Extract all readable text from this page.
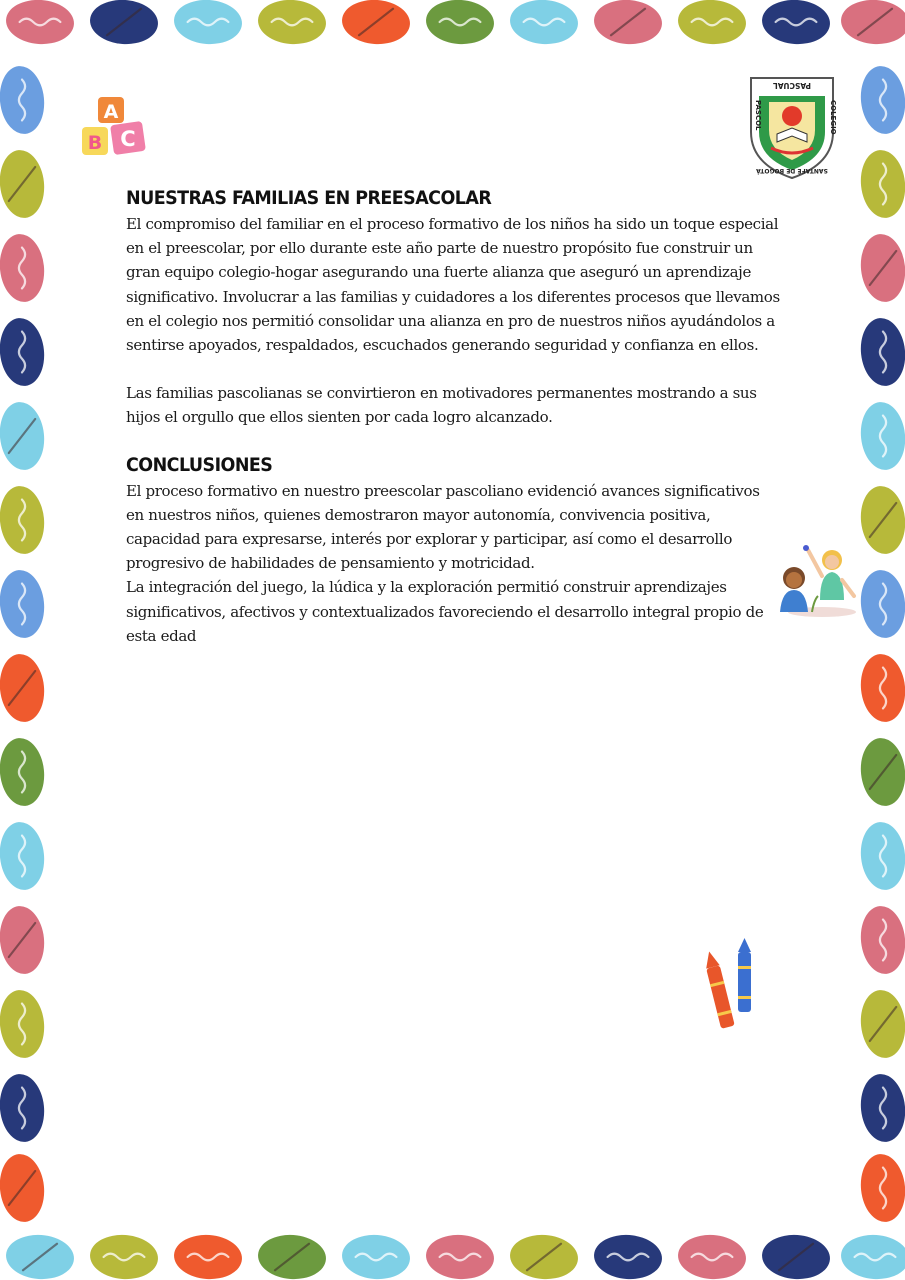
A
B C
PASCUAL
PASCOL	COLEGIO
SANTAFÉ DE BOGOTÁ
NUESTRAS FAMILIAS EN PREESACOLAR

El compromiso del familiar en el proceso formativo de los niños ha sido un toque especial en el preescolar, por ello durante este año parte de nuestro propósito fue construir un gran equipo colegio-hogar asegurando una fuerte alianza que aseguró un aprendizaje significativo. Involucrar a las familias y cuidadores a los diferentes procesos que llevamos en el colegio nos permitió consolidar una alianza en pro de nuestros niños ayudándolos a sentirse apoyados, respaldados, escuchados generando seguridad y confianza en ellos.

Las familias pascolianas se convirtieron en motivadores permanentes mostrando a sus hijos el orgullo que ellos sienten por cada logro alcanzado.

CONCLUSIONES

El proceso formativo en nuestro preescolar pascoliano evidenció avances significativos en nuestros niños, quienes demostraron mayor autonomía, convivencia positiva, capacidad para expresarse, interés por explorar y participar, así como el desarrollo progresivo de habilidades de pensamiento y motricidad.

La integración del juego, la lúdica y la exploración permitió construir aprendizajes significativos, afectivos y contextualizados favoreciendo el desarrollo integral propio de esta edad
